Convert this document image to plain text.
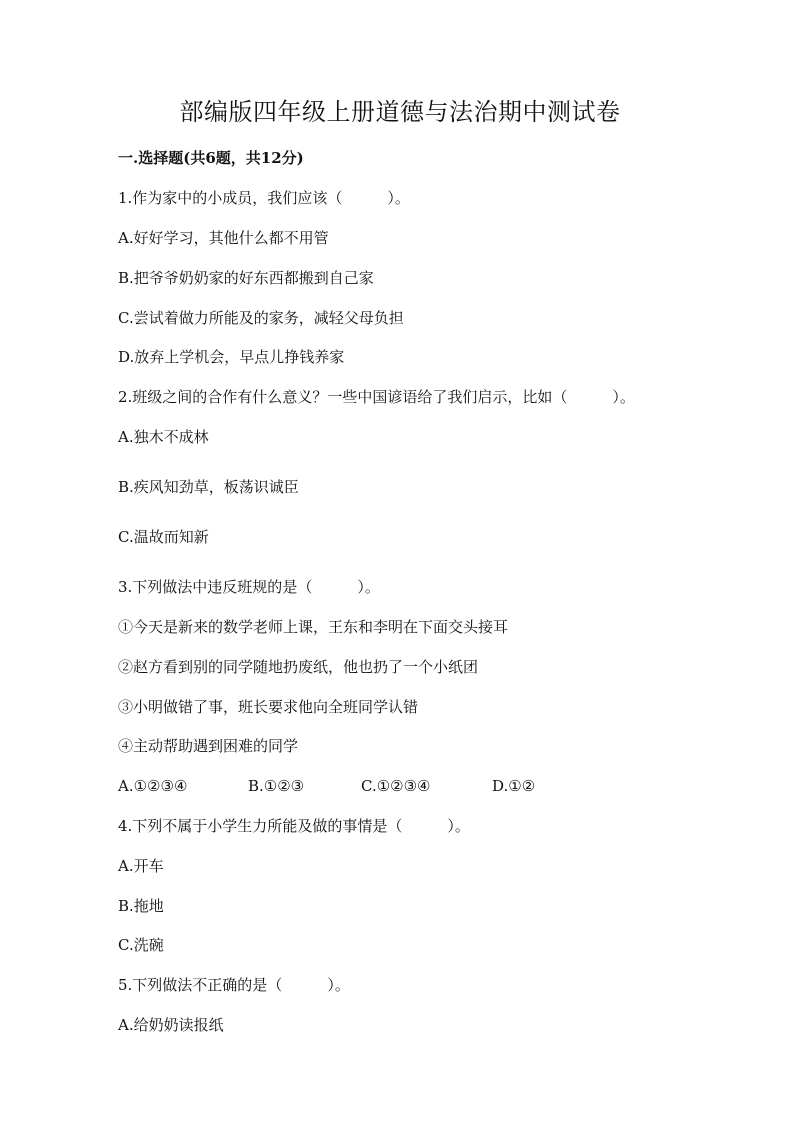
部编版四年级上册道德与法治期中测试卷
一.选择题(共6题，共12分)
1.作为家中的小成员，我们应该（　　　）。
A.好好学习，其他什么都不用管
B.把爷爷奶奶家的好东西都搬到自己家
C.尝试着做力所能及的家务，减轻父母负担
D.放弃上学机会，早点儿挣钱养家
2.班级之间的合作有什么意义？一些中国谚语给了我们启示，比如（　　　）。
A.独木不成林
B.疾风知劲草，板荡识诚臣
C.温故而知新
3.下列做法中违反班规的是（　　　）。
①今天是新来的数学老师上课，王东和李明在下面交头接耳
②赵方看到别的同学随地扔废纸，他也扔了一个小纸团
③小明做错了事，班长要求他向全班同学认错
④主动帮助遇到困难的同学
A.①②③④	B.①②③	C.①②③④	D.①②
4.下列不属于小学生力所能及做的事情是（　　　）。
A.开车
B.拖地
C.洗碗
5.下列做法不正确的是（　　　）。
A.给奶奶读报纸
